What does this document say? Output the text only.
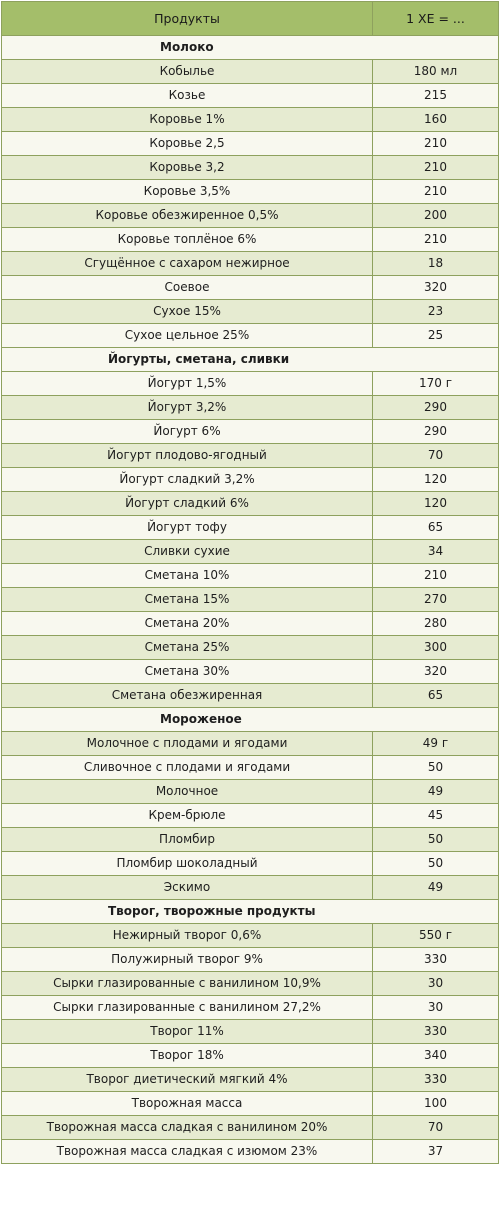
Продукты	1 ХЕ = ...
Молоко	
Кобылье	180 мл
Козье	215
Коровье 1%	160
Коровье 2,5	210
Коровье 3,2	210
Коровье 3,5%	210
Коровье обезжиренное 0,5%	200
Коровье топлёное 6%	210
Сгущённое с сахаром нежирное	18
Соевое	320
Сухое 15%	23
Сухое цельное 25%	25
Йогурты, сметана, сливки	
Йогурт 1,5%	170 г
Йогурт 3,2%	290
Йогурт 6%	290
Йогурт плодово-ягодный	70
Йогурт сладкий 3,2%	120
Йогурт сладкий 6%	120
Йогурт тофу	65
Сливки сухие	34
Сметана 10%	210
Сметана 15%	270
Сметана 20%	280
Сметана 25%	300
Сметана 30%	320
Сметана обезжиренная	65
Мороженое	
Молочное с плодами и ягодами	49 г
Сливочное с плодами и ягодами	50
Молочное	49
Крем-брюле	45
Пломбир	50
Пломбир шоколадный	50
Эскимо	49
Творог, творожные продукты	
Нежирный творог 0,6%	550 г
Полужирный творог 9%	330
Сырки глазированные с ванилином 10,9%	30
Сырки глазированные с ванилином 27,2%	30
Творог 11%	330
Творог 18%	340
Творог диетический мягкий 4%	330
Творожная масса	100
Творожная масса сладкая с ванилином 20%	70
Творожная масса сладкая с изюмом 23%	37
